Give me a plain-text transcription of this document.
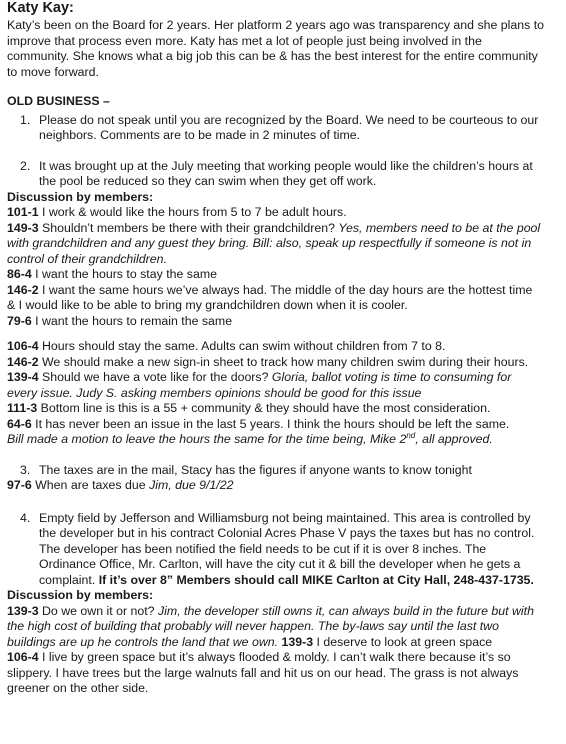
Katy Kay:

Katy’s been on the Board for 2 years. Her platform 2 years ago was transparency and she plans to

improve that process even more. Katy has met a lot of people just being involved in the

community. She knows what a big job this can be & has the best interest for the entire community

to move forward.

OLD BUSINESS –

1. Please do not speak until you are recognized by the Board. We need to be courteous to our

neighbors. Comments are to be made in 2 minutes of time.

2. It was brought up at the July meeting that working people would like the children’s hours at

the pool be reduced so they can swim when they get off work.

Discussion by members:

101-1 I work & would like the hours from 5 to 7 be adult hours.

149-3 Shouldn’t members be there with their grandchildren? Yes, members need to be at the pool

with grandchildren and any guest they bring. Bill: also, speak up respectfully if someone is not in

control of their grandchildren.

86-4 I want the hours to stay the same

146-2 I want the same hours we’ve always had. The middle of the day hours are the hottest time

& I would like to be able to bring my grandchildren down when it is cooler.

79-6 I want the hours to remain the same

106-4 Hours should stay the same. Adults can swim without children from 7 to 8.

146-2 We should make a new sign-in sheet to track how many children swim during their hours.

139-4 Should we have a vote like for the doors? Gloria, ballot voting is time to consuming for

every issue. Judy S. asking members opinions should be good for this issue

111-3 Bottom line is this is a 55 + community & they should have the most consideration.

64-6 It has never been an issue in the last 5 years. I think the hours should be left the same.

Bill made a motion to leave the hours the same for the time being, Mike 2nd, all approved.

3. The taxes are in the mail, Stacy has the figures if anyone wants to know tonight

97-6 When are taxes due Jim, due 9/1/22

4. Empty field by Jefferson and Williamsburg not being maintained. This area is controlled by

the developer but in his contract Colonial Acres Phase V pays the taxes but has no control.

The developer has been notified the field needs to be cut if it is over 8 inches. The

Ordinance Office, Mr. Carlton, will have the city cut it & bill the developer when he gets a

complaint. If it’s over 8” Members should call MIKE Carlton at City Hall, 248-437-1735.

Discussion by members:

139-3 Do we own it or not? Jim, the developer still owns it, can always build in the future but with

the high cost of building that probably will never happen. The by-laws say until the last two

buildings are up he controls the land that we own. 139-3 I deserve to look at green space

106-4 I live by green space but it’s always flooded & moldy. I can’t walk there because it’s so

slippery. I have trees but the large walnuts fall and hit us on our head. The grass is not always

greener on the other side.
